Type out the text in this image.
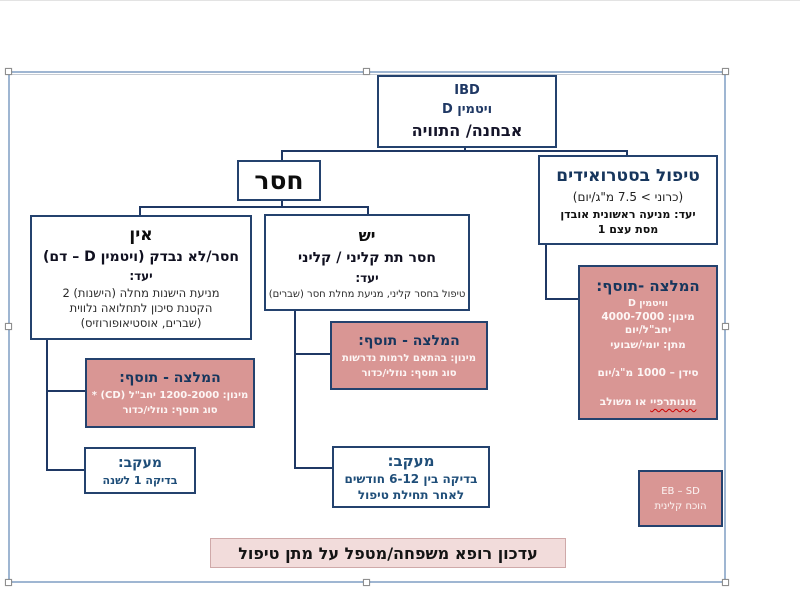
IBD
ויטמין D
אבחנה/ התוויה
חסר	טיפול בסטרואידים
(כרוני > 7.5 מ"ג/יום)
יעד: מניעה ראשונית אובדן
מסת עצם 1
אין
חסר/לא נבדק (ויטמין D – דם)
יעד:
מניעת הישנות מחלה (הישנות) 2
הקטנת סיכון לתחלואה נלווית
(שברים, אוסטיאופורוזיס)
יש
חסר תת קליני / קליני
יעד:
טיפול בחסר קליני, מניעת מחלת חסר (שברים)
המלצה - תוסף:
מינון: 1200-2000 יחב"ל (CD) *
סוג תוסף: נוזלי/כדור
מעקב:
בדיקה 1 לשנה
המלצה - תוסף:
מינון: בהתאם לרמות נדרשות
סוג תוסף: נוזלי/כדור
מעקב:
בדיקה בין 6-12 חודשים
לאחר תחילת טיפול
המלצה -תוסף:
וויטמין D
מינון: 4000-7000
יחב"ל/יום
מתן: יומי/שבועי
סידן – 1000 מ"ג/יום
מונותרפיי או משולב
EB – SD
הוכח קלינית
עדכון רופא משפחה/מטפל על מתן טיפול
